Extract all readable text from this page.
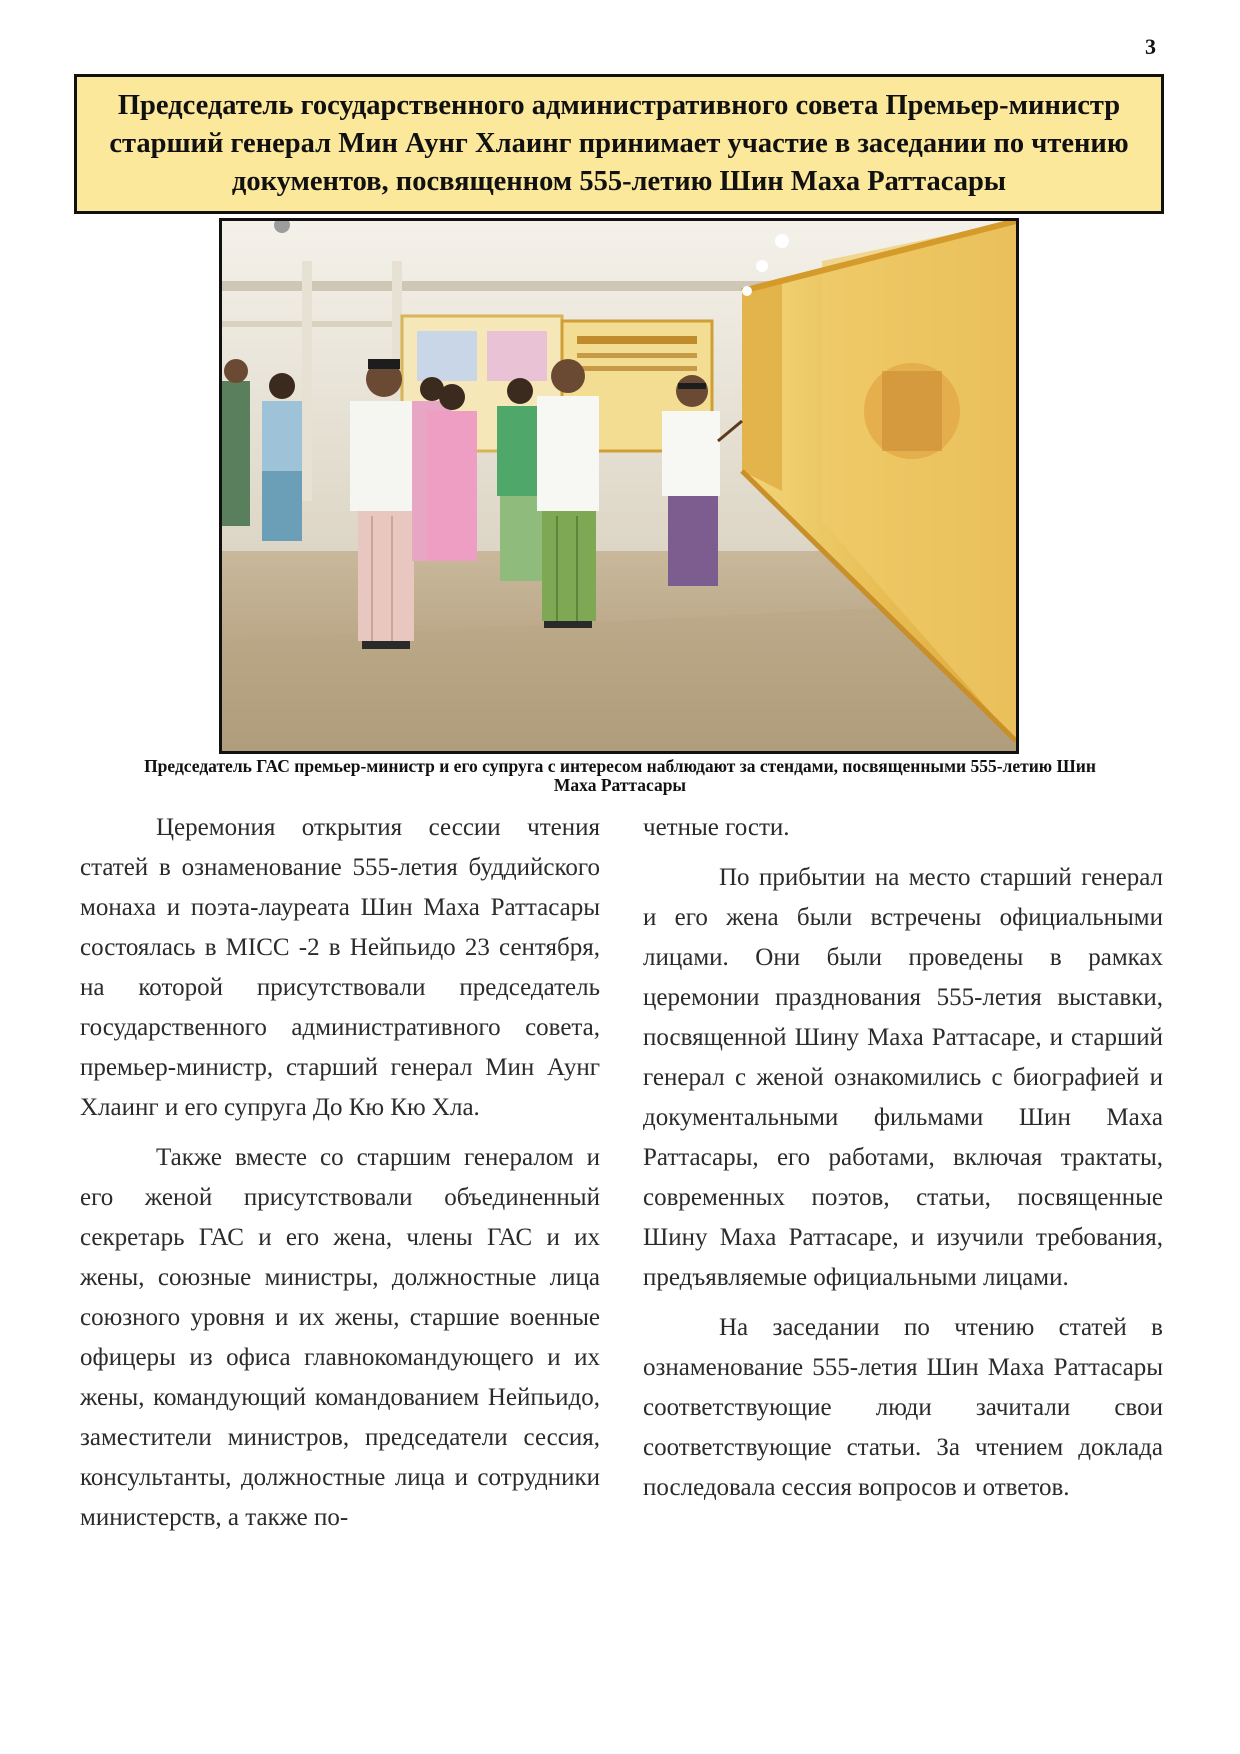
3
Председатель государственного административного совета Премьер-министр старший генерал Мин Аунг Хлаинг принимает участие в заседании по чтению документов, посвященном 555-летию Шин Маха Раттасары

Председатель ГАС премьер-министр и его супруга с интересом наблюдают за стендами, посвященными 555-летию Шин Маха Раттасары

Церемония открытия сессии чтения статей в ознаменование 555-летия буддийского монаха и поэта-лауреата Шин Маха Раттасары состоялась в MICC -2 в Нейпьидо 23 сентября, на которой присутствовали председатель государственного административного совета, премьер-министр, старший генерал Мин Аунг Хлаинг и его супруга До Кю Кю Хла.

Также вместе со старшим генералом и его женой присутствовали объединенный секретарь ГАС и его жена, члены ГАС и их жены, союзные министры, должностные лица союзного уровня и их жены, старшие военные офицеры из офиса главнокомандующего и их жены, командующий командованием Нейпьидо, заместители министров, председатели сессия, консультанты, должностные лица и сотрудники министерств, а также по-

четные гости.

По прибытии на место старший генерал и его жена были встречены официальными лицами. Они были проведены в рамках церемонии празднования 555-летия выставки, посвященной Шину Маха Раттасаре, и старший генерал с женой ознакомились с биографией и документальными фильмами Шин Маха Раттасары, его работами, включая трактаты, современных поэтов, статьи, посвященные Шину Маха Раттасаре, и изучили требования, предъявляемые официальными лицами.

На заседании по чтению статей в ознаменование 555-летия Шин Маха Раттасары соответствующие люди зачитали свои соответствующие статьи. За чтением доклада последовала сессия вопросов и ответов.
